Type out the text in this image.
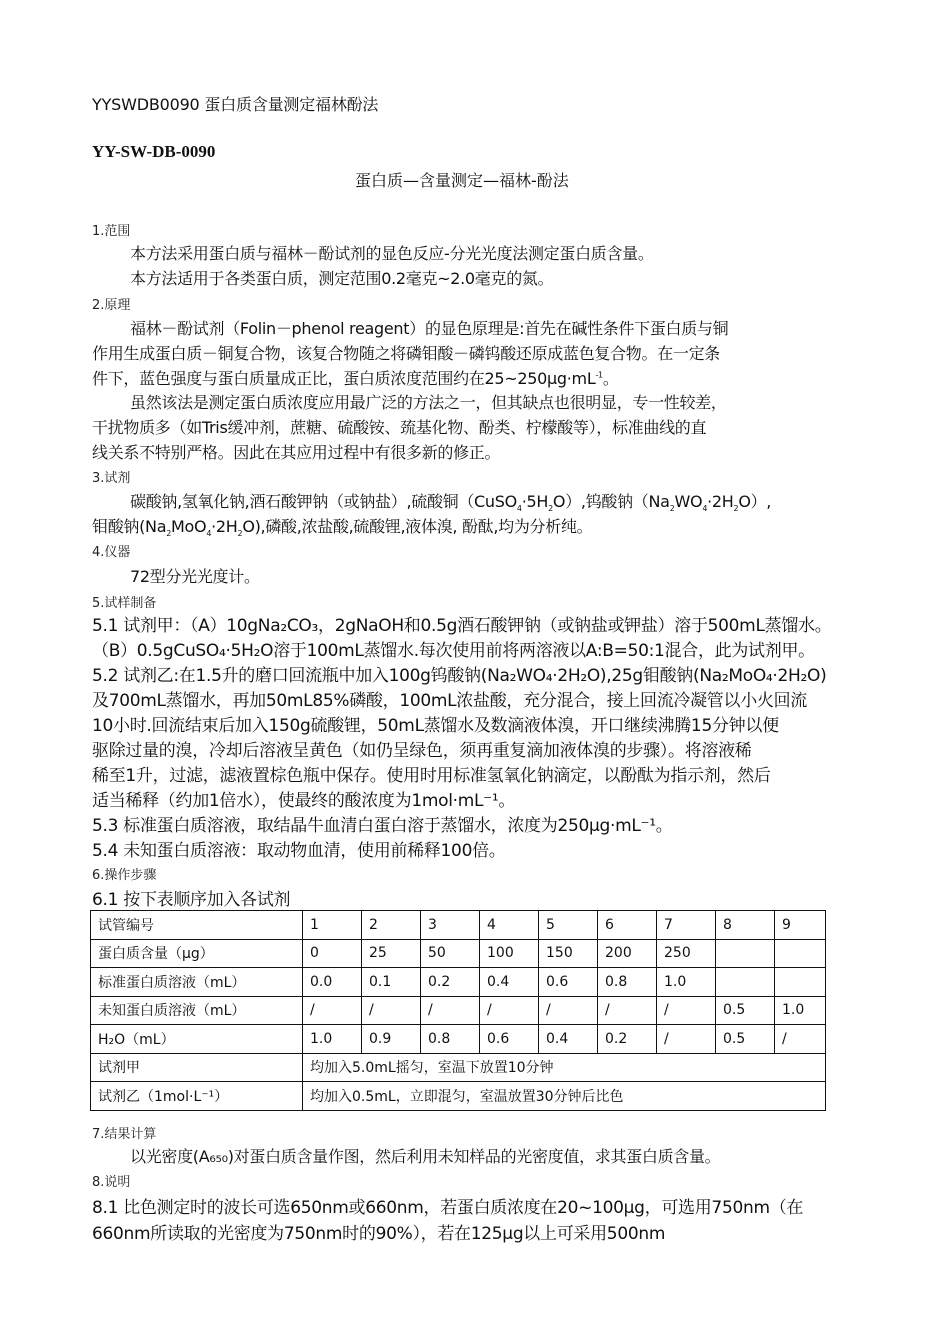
YYSWDB0090 蛋白质含量测定福林酚法
YY-SW-DB-0090
蛋白质—含量测定—福林-酚法
1.范围
本方法采用蛋白质与福林－酚试剂的显色反应-分光光度法测定蛋白质含量。
本方法适用于各类蛋白质，测定范围0.2毫克~2.0毫克的氮。
2.原理
福林－酚试剂（Folin－phenol reagent）的显色原理是:首先在碱性条件下蛋白质与铜
作用生成蛋白质－铜复合物，该复合物随之将磷钼酸－磷钨酸还原成蓝色复合物。在一定条
件下，蓝色强度与蛋白质量成正比，蛋白质浓度范围约在$25\sim 250\mu g\cdot mL^{-1}$。
虽然该法是测定蛋白质浓度应用最广泛的方法之一，但其缺点也很明显，专一性较差，
干扰物质多（如Tris缓冲剂，蔗糖、硫酸铵、巯基化物、酚类、柠檬酸等），标准曲线的直
线关系不特别严格。因此在其应用过程中有很多新的修正。
3.试剂
碳酸钠,氢氧化钠,酒石酸钾钠（或钠盐）,硫酸铜$(CuSO_4\cdot 5H_2O)$,钨酸钠$(Na_2WO_4\cdot 2H_2O)$,
钼酸钠$(Na_2MoO_4\cdot 2H_2O)$,磷酸,浓盐酸,硫酸锂,液体溴, 酚酞,均为分析纯。
4.仪器
72型分光光度计。
5.试样制备
5.1 试剂甲：（A）10gNa₂CO₃，2gNaOH和0.5g酒石酸钾钠（或钠盐或钾盐）溶于500mL蒸馏水。
（B）0.5gCuSO₄·5H₂O溶于100mL蒸馏水.每次使用前将两溶液以A:B=50:1混合，此为试剂甲。
5.2 试剂乙:在1.5升的磨口回流瓶中加入100g钨酸钠(Na₂WO₄·2H₂O),25g钼酸钠(Na₂MoO₄·2H₂O)
及700mL蒸馏水，再加50mL85%磷酸，100mL浓盐酸，充分混合，接上回流冷凝管以小火回流
10小时.回流结束后加入150g硫酸锂，50mL蒸馏水及数滴液体溴，开口继续沸腾15分钟以便
驱除过量的溴，冷却后溶液呈黄色（如仍呈绿色，须再重复滴加液体溴的步骤）。将溶液稀
稀至1升，过滤，滤液置棕色瓶中保存。使用时用标准氢氧化钠滴定，以酚酞为指示剂，然后
适当稀释（约加1倍水），使最终的酸浓度为1mol·mL⁻¹。
5.3 标准蛋白质溶液，取结晶牛血清白蛋白溶于蒸馏水，浓度为250μg·mL⁻¹。
5.4 未知蛋白质溶液：取动物血清，使用前稀释100倍。
6.操作步骤
6.1 按下表顺序加入各试剂
试管编号	1	2	3	4	5	6	7	8	9
蛋白质含量（μg）	0	25	50	100	150	200	250		
标准蛋白质溶液（mL）	0.0	0.1	0.2	0.4	0.6	0.8	1.0		
未知蛋白质溶液（mL）	/	/	/	/	/	/	/	0.5	1.0
H₂O（mL）	1.0	0.9	0.8	0.6	0.4	0.2	/	0.5	/
试剂甲	均加入5.0mL摇匀，室温下放置10分钟								
试剂乙（1mol·L⁻¹）	均加入0.5mL，立即混匀，室温放置30分钟后比色								
7.结果计算
以光密度(A₆₅₀)对蛋白质含量作图，然后利用未知样品的光密度值，求其蛋白质含量。
8.说明
8.1 比色测定时的波长可选650nm或660nm，若蛋白质浓度在20~100μg，可选用750nm（在
660nm所读取的光密度为750nm时的90%），若在125μg以上可采用500nm
